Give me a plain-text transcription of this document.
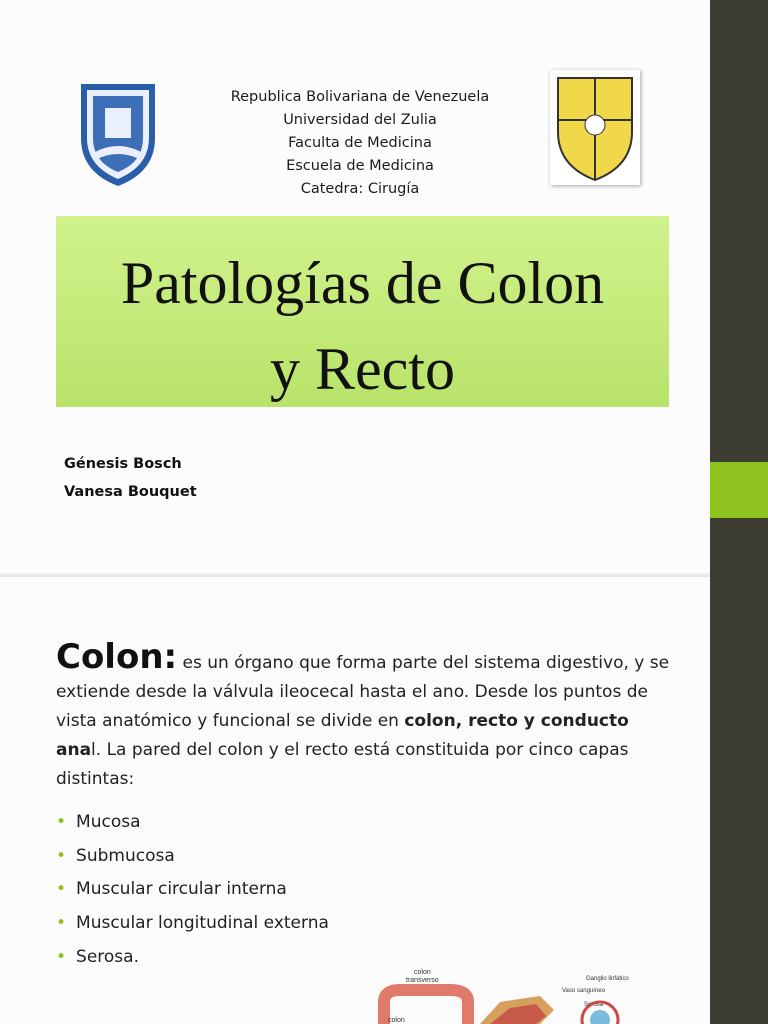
Republica Bolivariana de Venezuela
Universidad del Zulia
Faculta de Medicina
Escuela de Medicina
Catedra: Cirugía
Patologías de Colon
y Recto
Génesis Bosch
Vanesa Bouquet
Colon: es un órgano que forma parte del sistema digestivo, y se extiende desde la válvula ileocecal hasta el ano. Desde los puntos de vista anatómico y funcional se divide en colon, recto y conducto anal. La pared del colon y el recto está constituida por cinco capas distintas:
• Mucosa
• Submucosa
• Muscular circular interna
• Muscular longitudinal externa
• Serosa.
colon
transverso
colon
Ganglio linfático
Vaso sanguíneo
Serosa
